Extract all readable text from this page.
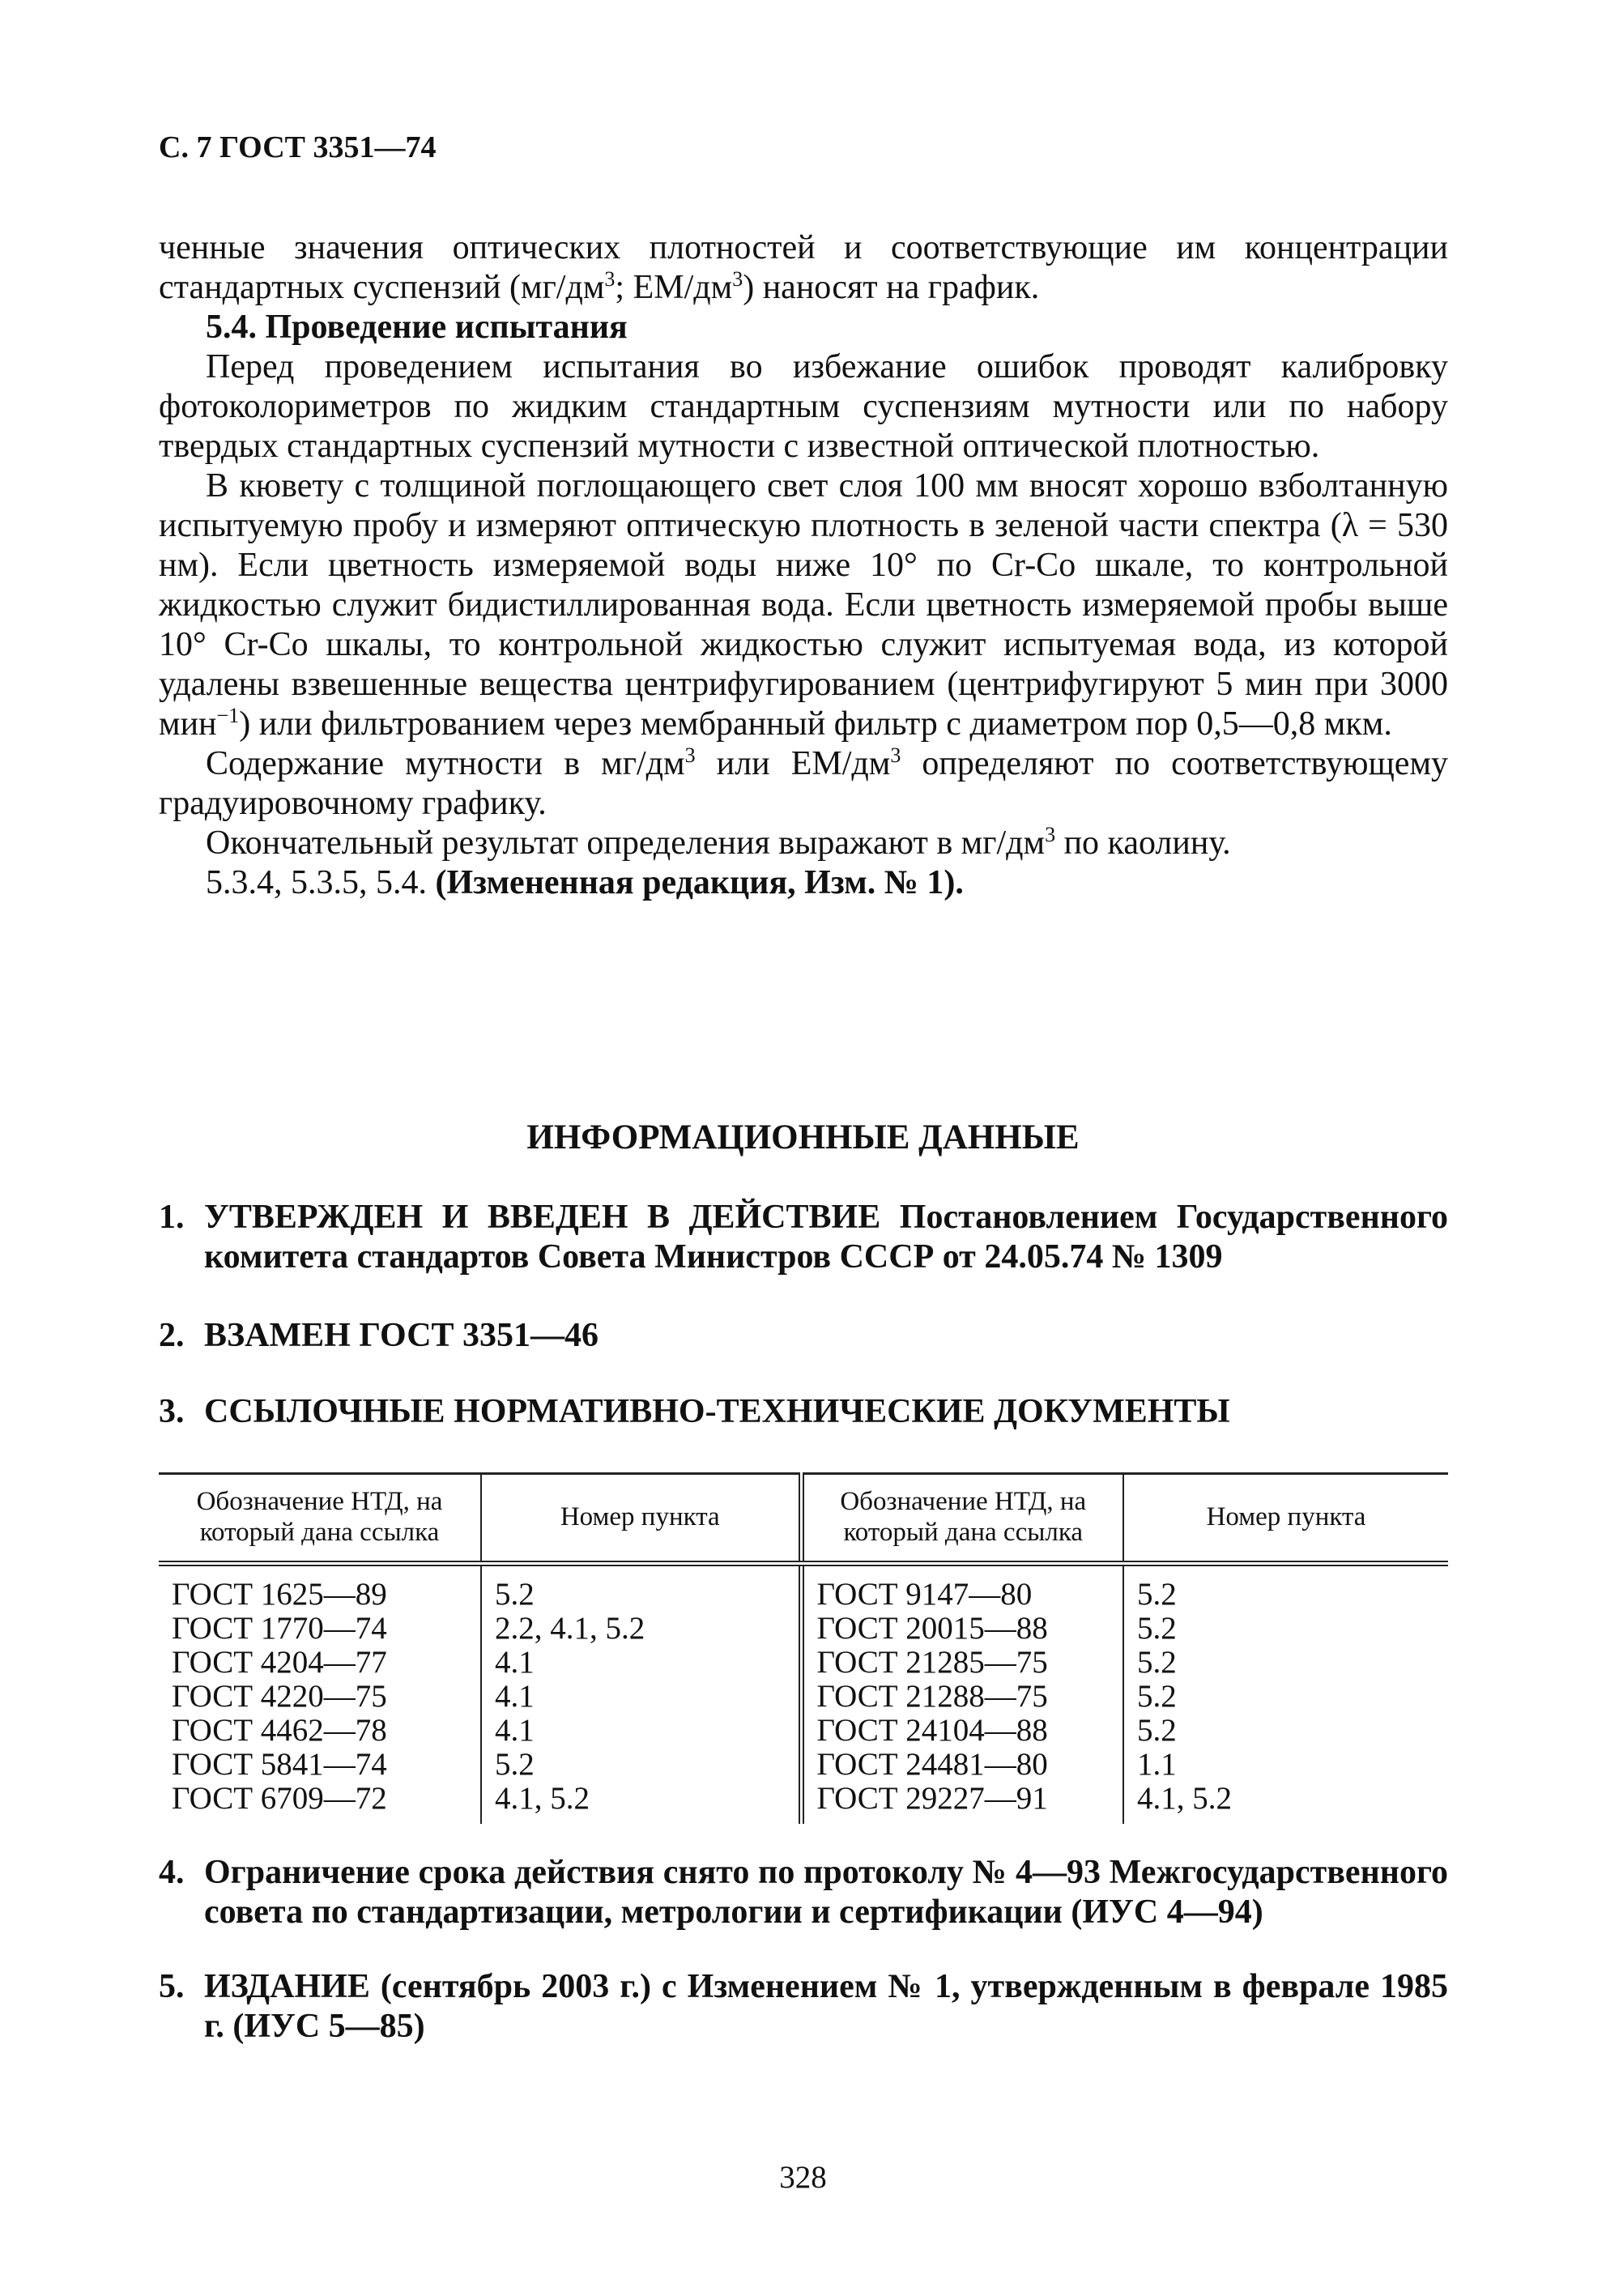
С. 7 ГОСТ 3351—74

ченные значения оптических плотностей и соответствующие им концентрации стандартных суспензий ($мг/дм^3$; $ЕМ/дм^3$) наносят на график.

5.4. Проведение испытания

Перед проведением испытания во избежание ошибок проводят калибровку фотоколориметров по жидким стандартным суспензиям мутности или по набору твердых стандартных суспензий мутности с известной оптической плотностью.

В кювету с толщиной поглощающего свет слоя 100 мм вносят хорошо взболтанную испытуемую пробу и измеряют оптическую плотность в зеленой части спектра (λ = 530 нм). Если цветность измеряемой воды ниже 10° по Cr-Co шкале, то контрольной жидкостью служит бидистиллированная вода. Если цветность измеряемой пробы выше 10° Cr-Co шкалы, то контрольной жидкостью служит испытуемая вода, из которой удалены взвешенные вещества центрифугированием (центрифугируют 5 мин при 3000 мин$^{-1}$) или фильтрованием через мембранный фильтр с диаметром пор 0,5—0,8 мкм.

Содержание мутности в $мг/дм^3$ или $ЕМ/дм^3$ определяют по соответствующему градуировочному графику.

Окончательный результат определения выражают в $мг/дм^3$ по каолину.

5.3.4, 5.3.5, 5.4. (Измененная редакция, Изм. № 1).

ИНФОРМАЦИОННЫЕ ДАННЫЕ

1. УТВЕРЖДЕН И ВВЕДЕН В ДЕЙСТВИЕ Постановлением Государственного комитета стандартов Совета Министров СССР от 24.05.74 № 1309
2. ВЗАМЕН ГОСТ 3351—46
3. ССЫЛОЧНЫЕ НОРМАТИВНО-ТЕХНИЧЕСКИЕ ДОКУМЕНТЫ
Обозначение НТД, на который дана ссылка	Номер пункта	Обозначение НТД, на который дана ссылка	Номер пункта
ГОСТ 1625—89	5.2	ГОСТ 9147—80	5.2
ГОСТ 1770—74	2.2, 4.1, 5.2	ГОСТ 20015—88	5.2
ГОСТ 4204—77	4.1	ГОСТ 21285—75	5.2
ГОСТ 4220—75	4.1	ГОСТ 21288—75	5.2
ГОСТ 4462—78	4.1	ГОСТ 24104—88	5.2
ГОСТ 5841—74	5.2	ГОСТ 24481—80	1.1
ГОСТ 6709—72	4.1, 5.2	ГОСТ 29227—91	4.1, 5.2
4. Ограничение срока действия снято по протоколу № 4—93 Межгосударственного совета по стандартизации, метрологии и сертификации (ИУС 4—94)
5. ИЗДАНИЕ (сентябрь 2003 г.) с Изменением № 1, утвержденным в феврале 1985 г. (ИУС 5—85)

328
